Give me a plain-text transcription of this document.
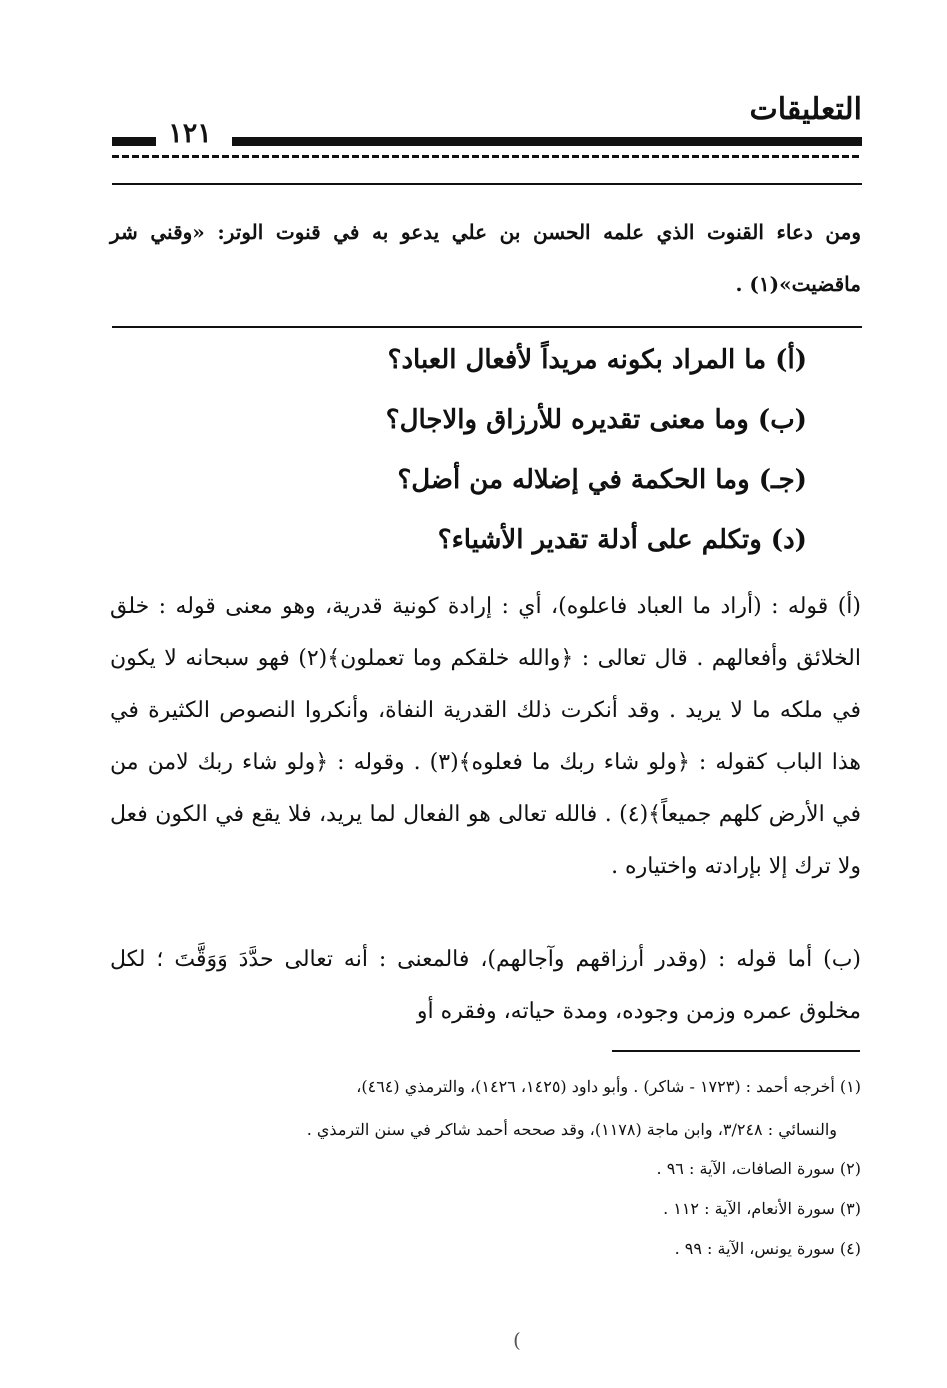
التعليقات
١٢١
ومن دعاء القنوت الذي علمه الحسن بن علي يدعو به في قنوت الوتر: «وقني شر ماقضيت»(١) .
(أ) ما المراد بكونه مريداً لأفعال العباد؟
(ب) وما معنى تقديره للأرزاق والاجال؟
(جـ) وما الحكمة في إضلاله من أضل؟
(د) وتكلم على أدلة تقدير الأشياء؟
(أ) قوله : (أراد ما العباد فاعلوه)، أي : إرادة كونية قدرية، وهو معنى قوله : خلق الخلائق وأفعالهم . قال تعالى : ﴿والله خلقكم وما تعملون﴾(٢) فهو سبحانه لا يكون في ملكه ما لا يريد . وقد أنكرت ذلك القدرية النفاة، وأنكروا النصوص الكثيرة في هذا الباب كقوله : ﴿ولو شاء ربك ما فعلوه﴾(٣) . وقوله : ﴿ولو شاء ربك لامن من في الأرض كلهم جميعاً﴾(٤) . فالله تعالى هو الفعال لما يريد، فلا يقع في الكون فعل ولا ترك إلا بإرادته واختياره .
(ب) أما قوله : (وقدر أرزاقهم وآجالهم)، فالمعنى : أنه تعالى حدَّدَ وَوَقَّتَ ؛ لكل مخلوق عمره وزمن وجوده، ومدة حياته، وفقره أو
(١) أخرجه أحمد : (١٧٢٣ - شاكر) . وأبو داود (١٤٢٥، ١٤٢٦)، والترمذي (٤٦٤)،
والنسائي : ٣/٢٤٨، وابن ماجة (١١٧٨)، وقد صححه أحمد شاكر في سنن الترمذي .
(٢) سورة الصافات، الآية : ٩٦ .
(٣) سورة الأنعام، الآية : ١١٢ .
(٤) سورة يونس، الآية : ٩٩ .
(
